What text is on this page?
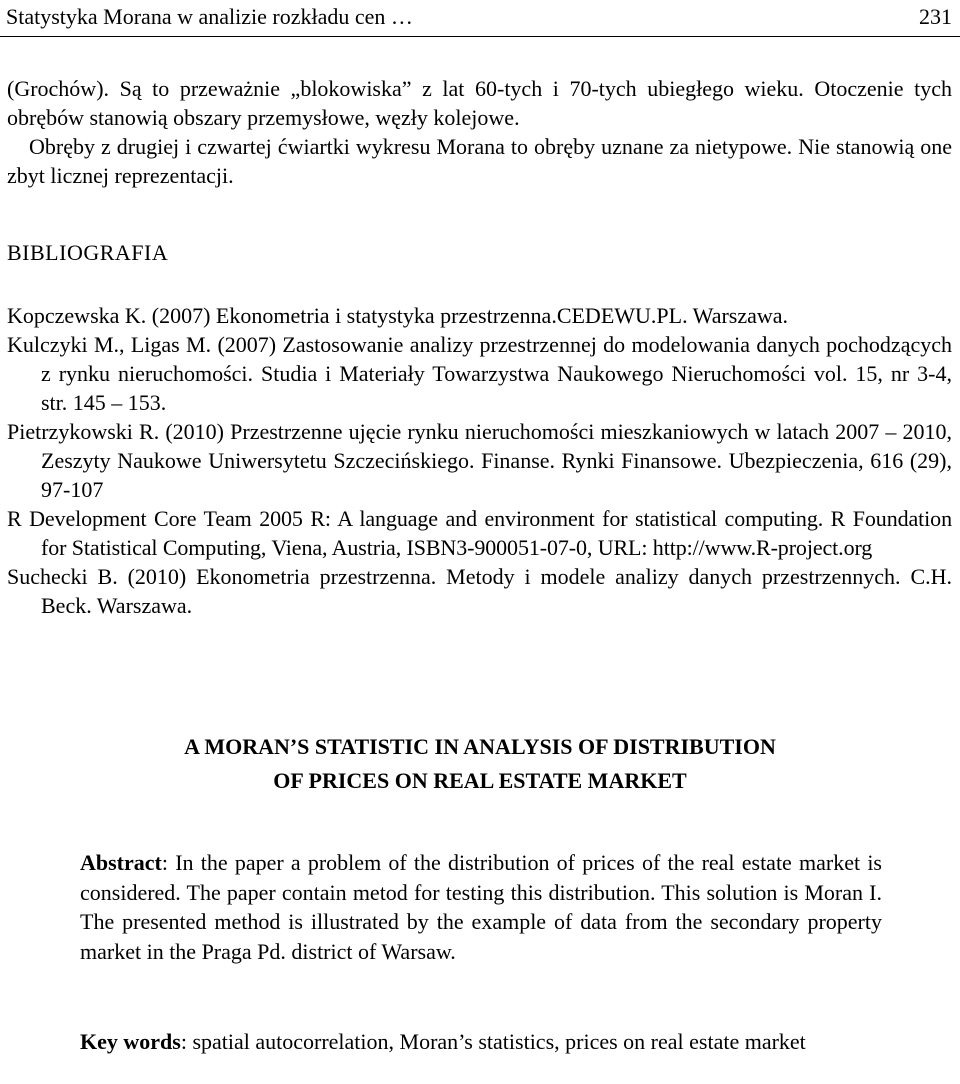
Statystyka Morana w analizie rozkładu cen …	231

(Grochów). Są to przeważnie „blokowiska” z lat 60-tych i 70-tych ubiegłego wieku. Otoczenie tych obrębów stanowią obszary przemysłowe, węzły kolejowe.

Obręby z drugiej i czwartej ćwiartki wykresu Morana to obręby uznane za nietypowe. Nie stanowią one zbyt licznej reprezentacji.

BIBLIOGRAFIA

Kopczewska K. (2007) Ekonometria i statystyka przestrzenna.CEDEWU.PL. Warszawa.

Kulczyki M., Ligas M. (2007) Zastosowanie analizy przestrzennej do modelowania danych pochodzących z rynku nieruchomości. Studia i Materiały Towarzystwa Naukowego Nieruchomości vol. 15, nr 3-4, str. 145 – 153.

Pietrzykowski R. (2010) Przestrzenne ujęcie rynku nieruchomości mieszkaniowych w latach 2007 – 2010, Zeszyty Naukowe Uniwersytetu Szczecińskiego. Finanse. Rynki Finansowe. Ubezpieczenia, 616 (29), 97-107

R Development Core Team 2005 R: A language and environment for statistical computing. R Foundation for Statistical Computing, Viena, Austria, ISBN3-900051-07-0, URL: http://www.R-project.org

Suchecki B. (2010) Ekonometria przestrzenna. Metody i modele analizy danych przestrzennych. C.H. Beck. Warszawa.

A MORAN’S STATISTIC IN ANALYSIS OF DISTRIBUTION
OF PRICES ON REAL ESTATE MARKET

Abstract: In the paper a problem of the distribution of prices of the real estate market is considered. The paper contain metod for testing this distribution. This solution is Moran I. The presented method is illustrated by the example of data from the secondary property market in the Praga Pd. district of Warsaw.

Key words: spatial autocorrelation, Moran’s statistics, prices on real estate market
